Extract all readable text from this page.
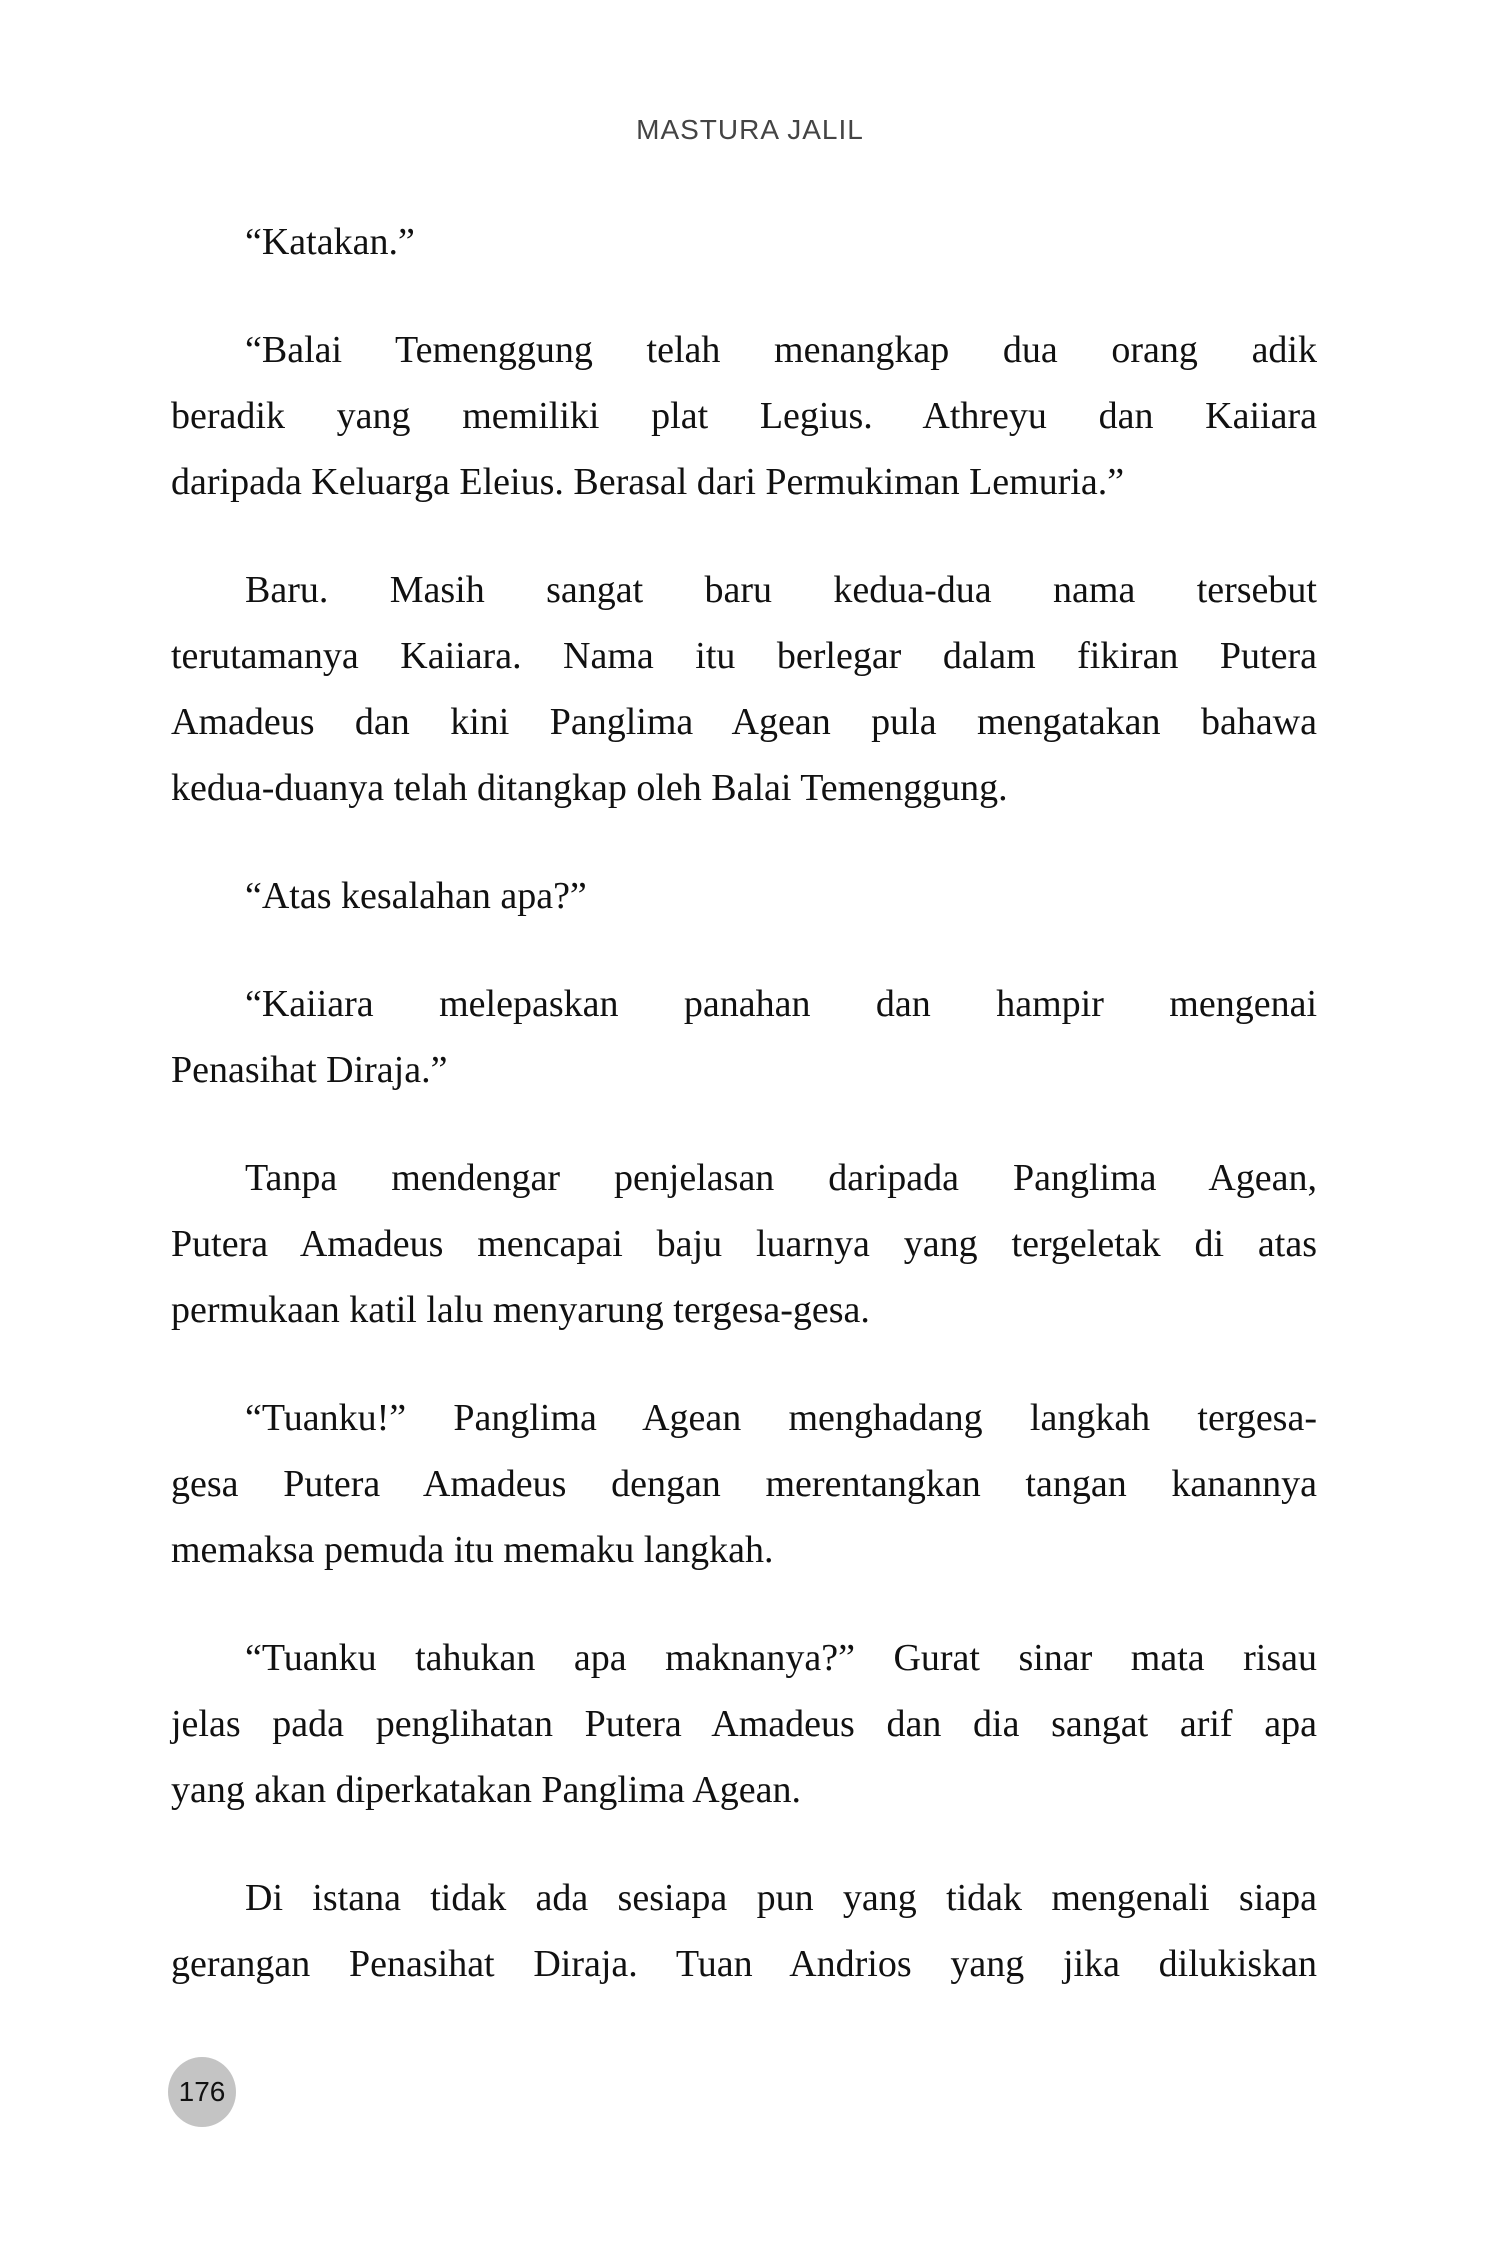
MASTURA JALIL
“Katakan.”
“Balai Temenggung telah menangkap dua orang adik
beradik yang memiliki plat Legius. Athreyu dan Kaiiara
daripada Keluarga Eleius. Berasal dari Permukiman Lemuria.”
Baru. Masih sangat baru kedua-dua nama tersebut
terutamanya Kaiiara. Nama itu berlegar dalam fikiran Putera
Amadeus dan kini Panglima Agean pula mengatakan bahawa
kedua-duanya telah ditangkap oleh Balai Temenggung.
“Atas kesalahan apa?”
“Kaiiara melepaskan panahan dan hampir mengenai
Penasihat Diraja.”
Tanpa mendengar penjelasan daripada Panglima Agean,
Putera Amadeus mencapai baju luarnya yang tergeletak di atas
permukaan katil lalu menyarung tergesa-gesa.
“Tuanku!” Panglima Agean menghadang langkah tergesa-
gesa Putera Amadeus dengan merentangkan tangan kanannya
memaksa pemuda itu memaku langkah.
“Tuanku tahukan apa maknanya?” Gurat sinar mata risau
jelas pada penglihatan Putera Amadeus dan dia sangat arif apa
yang akan diperkatakan Panglima Agean.
Di istana tidak ada sesiapa pun yang tidak mengenali siapa
gerangan Penasihat Diraja. Tuan Andrios yang jika dilukiskan
176
